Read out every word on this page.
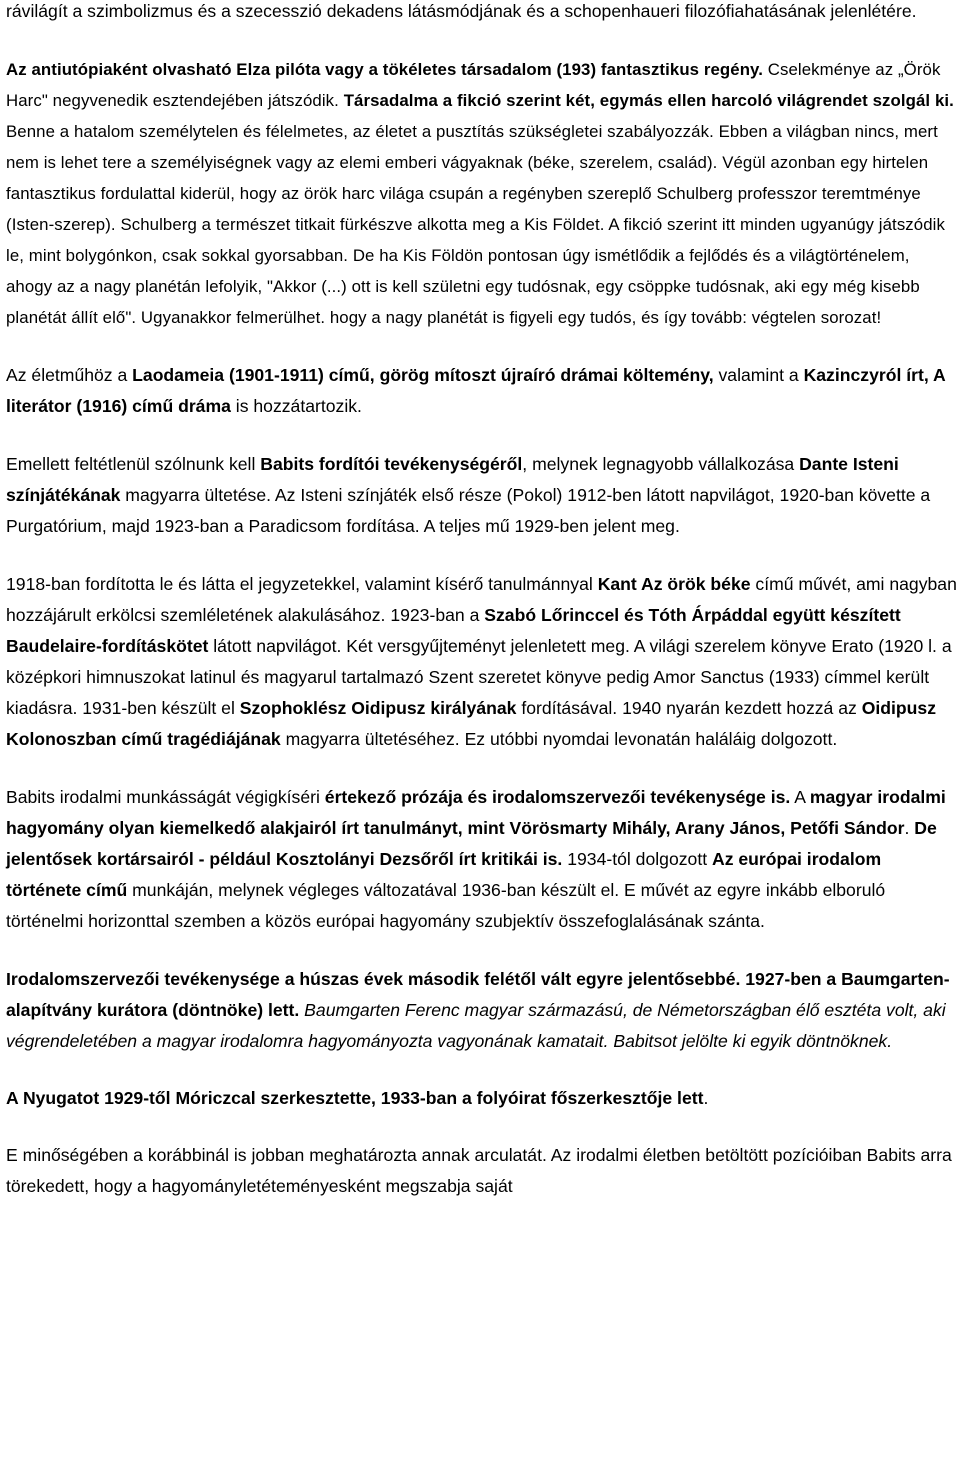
rávilágít a szimbolizmus és a szecesszió dekadens látásmódjának és a schopenhaueri filozófiahatásának jelenlétére.

Az antiutópiaként olvasható Elza pilóta vagy a tökéletes társadalom (193) fantasztikus regény. Cselekménye az „Örök Harc" negyvenedik esztendejében játszódik. Társadalma a fikció szerint két, egymás ellen harcoló világrendet szolgál ki. Benne a hatalom személytelen és félelmetes, az életet a pusztítás szükségletei szabályozzák. Ebben a világban nincs, mert nem is lehet tere a személyiségnek vagy az elemi emberi vágyaknak (béke, szerelem, család). Végül azonban egy hirtelen fantasztikus fordulattal kiderül, hogy az örök harc világa csupán a regényben szereplő Schulberg professzor teremtménye (Isten-szerep). Schulberg a természet titkait fürkészve alkotta meg a Kis Földet. A fikció szerint itt minden ugyanúgy játszódik le, mint bolygónkon, csak sokkal gyorsabban. De ha Kis Földön pontosan úgy ismétlődik a fejlődés és a világtörténelem, ahogy az a nagy planétán lefolyik, "Akkor (...) ott is kell születni egy tudósnak, egy csöppke tudósnak, aki egy még kisebb planétát állít elő". Ugyanakkor felmerülhet. hogy a nagy planétát is figyeli egy tudós, és így tovább: végtelen sorozat!

Az életműhöz a Laodameia (1901-1911) című, görög mítoszt újraíró drámai költemény, valamint a Kazinczyról írt, A literátor (1916) című dráma is hozzátartozik.

Emellett feltétlenül szólnunk kell Babits fordítói tevékenységéről, melynek legnagyobb vállalkozása Dante Isteni színjátékának magyarra ültetése. Az Isteni színjáték első része (Pokol) 1912-ben látott napvilágot, 1920-ban követte a Purgatórium, majd 1923-ban a Paradicsom fordítása. A teljes mű 1929-ben jelent meg.

1918-ban fordította le és látta el jegyzetekkel, valamint kísérő tanulmánnyal Kant Az örök béke című művét, ami nagyban hozzájárult erkölcsi szemléletének alakulásához. 1923-ban a Szabó Lőrinccel és Tóth Árpáddal együtt készített Baudelaire-fordításkötet látott napvilágot. Két versgyűjteményt jelenletett meg. A világi szerelem könyve Erato (1920 l. a középkori himnuszokat latinul és magyarul tartalmazó Szent szeretet könyve pedig Amor Sanctus (1933) címmel került kiadásra. 1931-ben készült el Szophoklész Oidipusz királyának fordításával. 1940 nyarán kezdett hozzá az Oidipusz Kolonoszban című tragédiájának magyarra ültetéséhez. Ez utóbbi nyomdai levonatán haláláig dolgozott.

Babits irodalmi munkásságát végigkíséri értekező prózája és irodalomszervezői tevékenysége is. A magyar irodalmi hagyomány olyan kiemelkedő alakjairól írt tanulmányt, mint Vörösmarty Mihály, Arany János, Petőfi Sándor. De jelentősek kortársairól - például Kosztolányi Dezsőről írt kritikái is. 1934-tól dolgozott Az európai irodalom története című munkáján, melynek végleges változatával 1936-ban készült el. E művét az egyre inkább elboruló történelmi horizonttal szemben a közös európai hagyomány szubjektív összefoglalásának szánta.

Irodalomszervezői tevékenysége a húszas évek második felétől vált egyre jelentősebbé. 1927-ben a Baumgarten-alapítvány kurátora (döntnöke) lett. Baumgarten Ferenc magyar származású, de Németországban élő esztéta volt, aki végrendeletében a magyar irodalomra hagyományozta vagyonának kamatait. Babitsot jelölte ki egyik döntnöknek.

A Nyugatot 1929-től Móriczcal szerkesztette, 1933-ban a folyóirat főszerkesztője lett.

E minőségében a korábbinál is jobban meghatározta annak arculatát. Az irodalmi életben betöltött pozícióiban Babits arra törekedett, hogy a hagyományletéteményesként megszabja saját
